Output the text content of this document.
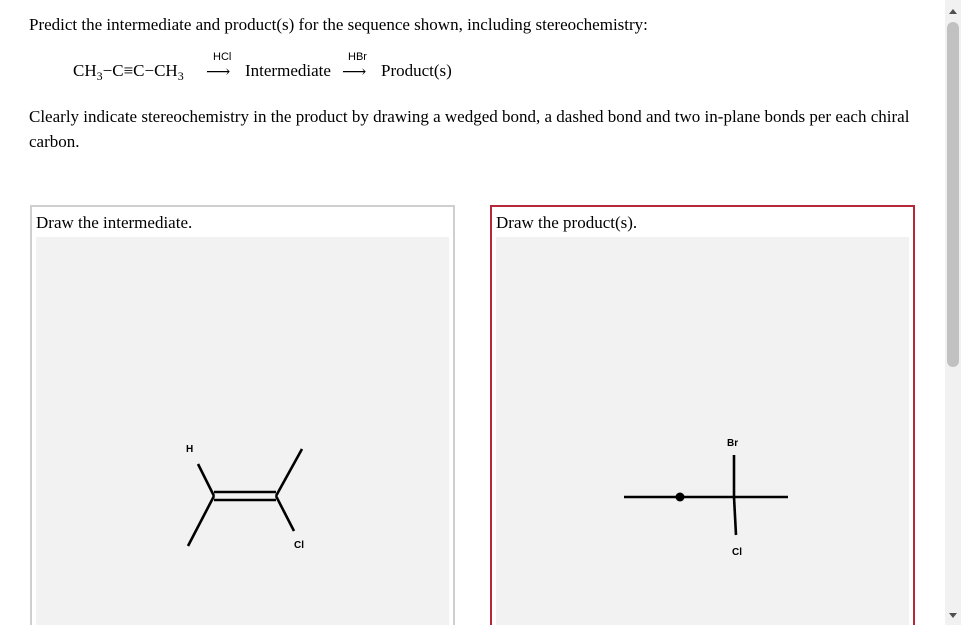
Predict the intermediate and product(s) for the sequence shown, including stereochemistry:
$CH_3-C\equiv C-CH_3$
HCl
⟶ Intermediate
HBr
⟶ Product(s)
Clearly indicate stereochemistry in the product by drawing a wedged bond, a dashed bond and two in-plane bonds per each chiral carbon.
Draw the intermediate.
H
Cl
Draw the product(s).
Br
Cl
